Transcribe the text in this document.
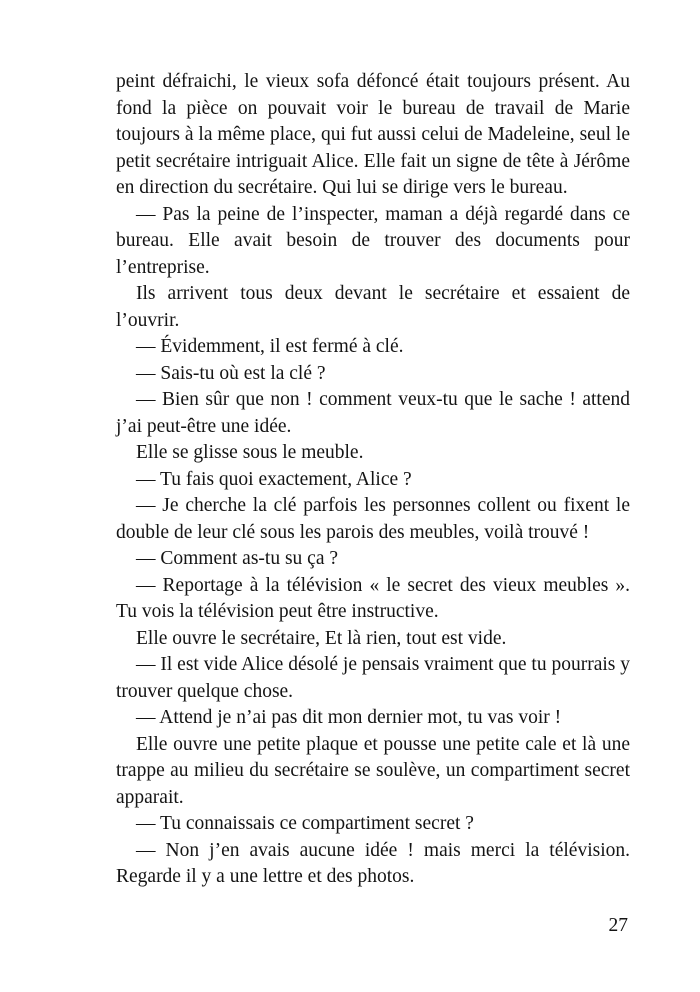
peint défraichi, le vieux sofa défoncé était toujours présent. Au fond la pièce on pouvait voir le bureau de travail de Marie toujours à la même place, qui fut aussi celui de Madeleine, seul le petit secrétaire intriguait Alice. Elle fait un signe de tête à Jérôme en direction du secrétaire. Qui lui se dirige vers le bureau.

— Pas la peine de l’inspecter, maman a déjà regardé dans ce bureau. Elle avait besoin de trouver des documents pour l’entreprise.

Ils arrivent tous deux devant le secrétaire et essaient de l’ouvrir.

— Évidemment, il est fermé à clé.

— Sais-tu où est la clé ?

— Bien sûr que non ! comment veux-tu que le sache ! attend j’ai peut-être une idée.

Elle se glisse sous le meuble.

— Tu fais quoi exactement, Alice ?

— Je cherche la clé parfois les personnes collent ou fixent le double de leur clé sous les parois des meubles, voilà trouvé !

— Comment as-tu su ça ?

— Reportage à la télévision « le secret des vieux meubles ». Tu vois la télévision peut être instructive.

Elle ouvre le secrétaire, Et là rien, tout est vide.

— Il est vide Alice désolé je pensais vraiment que tu pourrais y trouver quelque chose.

— Attend je n’ai pas dit mon dernier mot, tu vas voir !

Elle ouvre une petite plaque et pousse une petite cale et là une trappe au milieu du secrétaire se soulève, un compartiment secret apparait.

— Tu connaissais ce compartiment secret ?

— Non j’en avais aucune idée ! mais merci la télévision. Regarde il y a une lettre et des photos.

27
